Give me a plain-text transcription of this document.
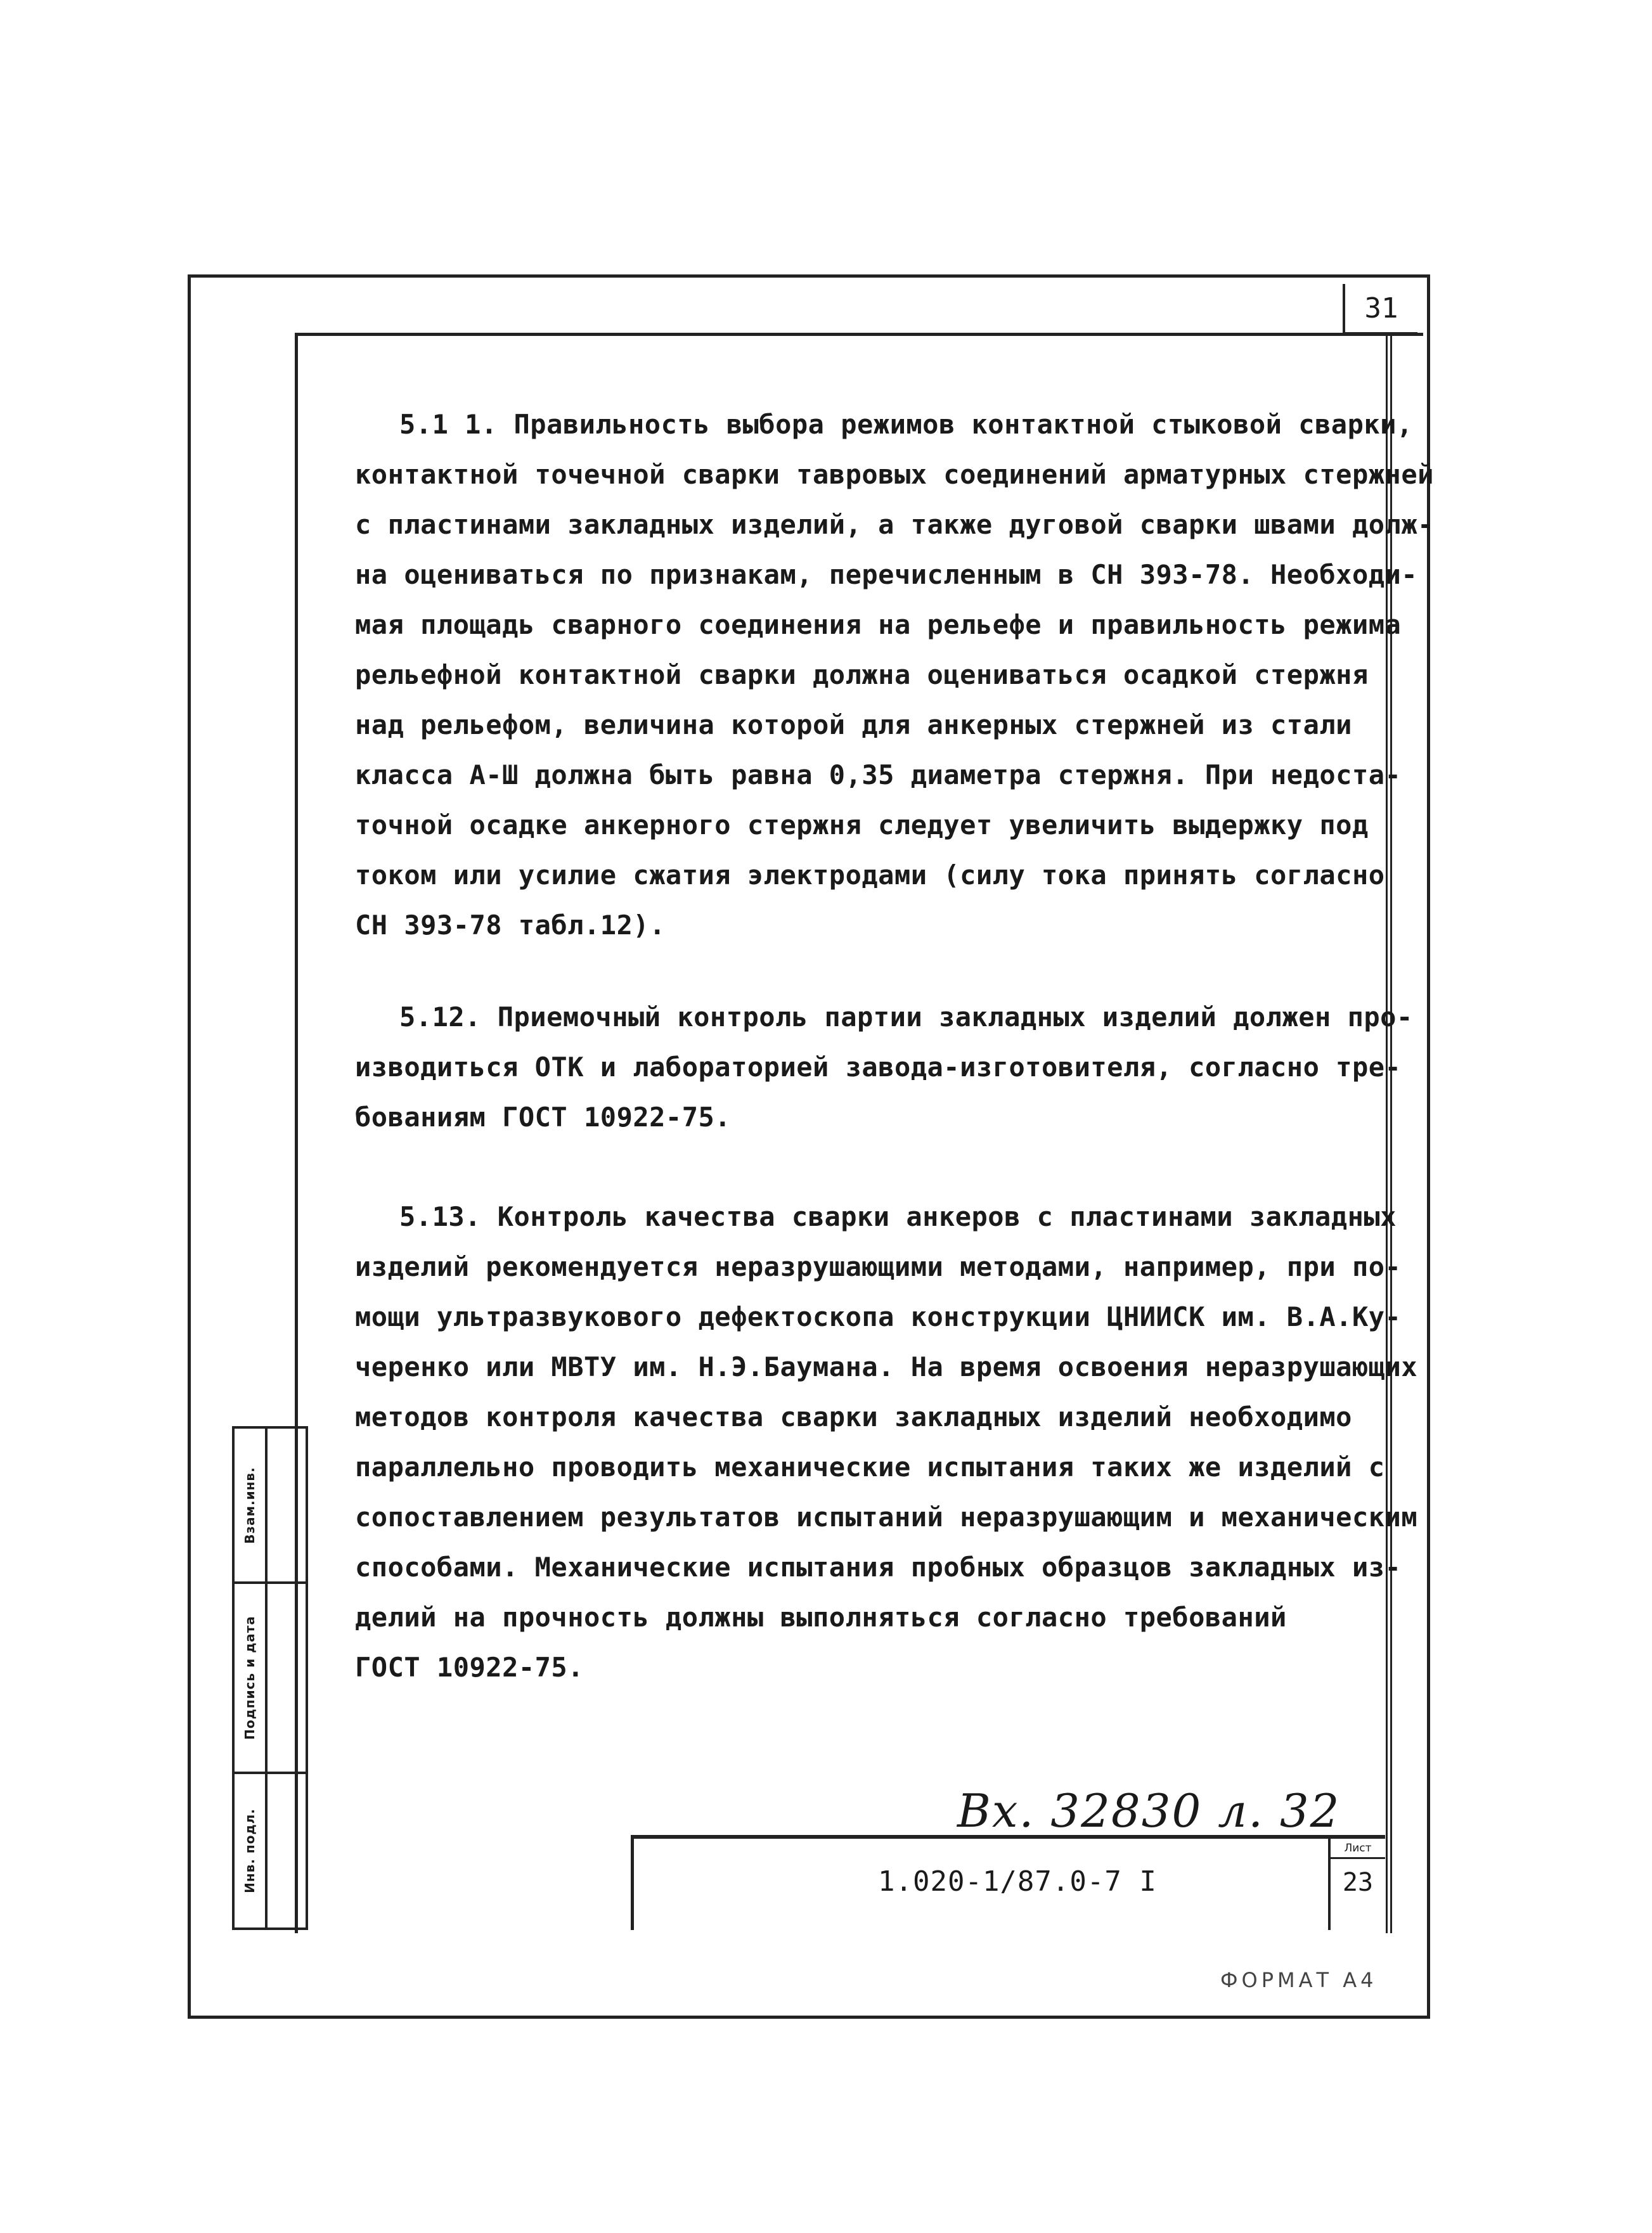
31
5.1 1. Правильность выбора режимов контактной стыковой сварки,
контактной точечной сварки тавровых соединений арматурных стержней
с пластинами закладных изделий, а также дуговой сварки швами долж-
на оцениваться по признакам, перечисленным в СН 393-78. Необходи-
мая площадь сварного соединения на рельефе и правильность режима
рельефной контактной сварки должна оцениваться осадкой стержня
над рельефом, величина которой для анкерных стержней из стали
класса А-Ш должна быть равна 0,35 диаметра стержня. При недоста-
точной осадке анкерного стержня следует увеличить выдержку под
током или усилие сжатия электродами (силу тока принять согласно
СН 393-78 табл.12).
5.12. Приемочный контроль партии закладных изделий должен про-
изводиться ОТК и лабораторией завода-изготовителя, согласно тре-
бованиям ГОСТ 10922-75.
5.13. Контроль качества сварки анкеров с пластинами закладных
изделий рекомендуется неразрушающими методами, например, при по-
мощи ультразвукового дефектоскопа конструкции ЦНИИСК им. В.А.Ку-
черенко или МВТУ им. Н.Э.Баумана. На время освоения неразрушающих
методов контроля качества сварки закладных изделий необходимо
параллельно проводить механические испытания таких же изделий с
сопоставлением результатов испытаний неразрушающим и механическим
способами. Механические испытания пробных образцов закладных из-
делий на прочность должны выполняться согласно требований
ГОСТ 10922-75.
Взам.инв.
Подпись и дата
Инв. подл.	Вх. 32830 л. 32
1.020-1/87.0-7 I
Лист
23
ФОРМАТ А4
